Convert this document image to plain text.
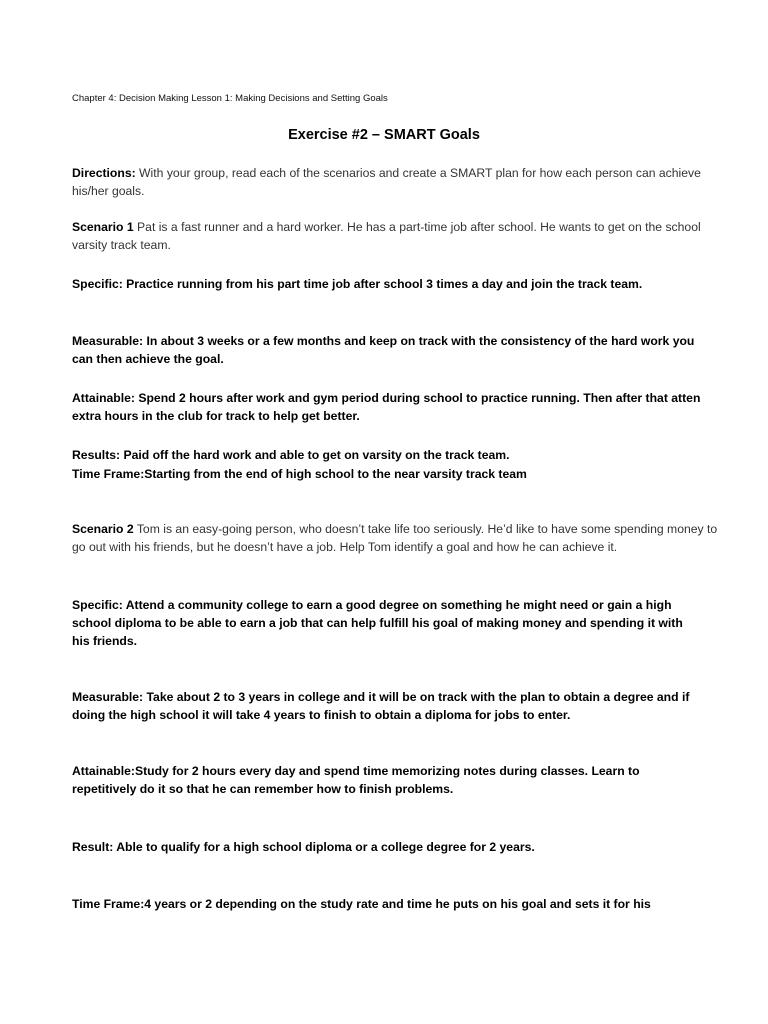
Chapter 4: Decision Making Lesson 1: Making Decisions and Setting Goals

Exercise #2 – SMART Goals

Directions: With your group, read each of the scenarios and create a SMART plan for how each person can achieve his/her goals.

Scenario 1 Pat is a fast runner and a hard worker. He has a part-time job after school. He wants to get on the school varsity track team.

Specific: Practice running from his part time job after school 3 times a day and join the track team.

Measurable: In about 3 weeks or a few months and keep on track with the consistency of the hard work you can then achieve the goal.

Attainable: Spend 2 hours after work and gym period during school to practice running. Then after that atten extra hours in the club for track to help get better.

Results: Paid off the hard work and able to get on varsity on the track team.

Time Frame:Starting from the end of high school to the near varsity track team

Scenario 2 Tom is an easy-going person, who doesn’t take life too seriously. He’d like to have some spending money to go out with his friends, but he doesn’t have a job. Help Tom identify a goal and how he can achieve it.

Specific: Attend a community college to earn a good degree on something he might need or gain a high school diploma to be able to earn a job that can help fulfill his goal of making money and spending it with his friends.

Measurable: Take about 2 to 3 years in college and it will be on track with the plan to obtain a degree and if doing the high school it will take 4 years to finish to obtain a diploma for jobs to enter.

Attainable:Study for 2 hours every day and spend time memorizing notes during classes. Learn to repetitively do it so that he can remember how to finish problems.

Result: Able to qualify for a high school diploma or a college degree for 2 years.

Time Frame:4 years or 2 depending on the study rate and time he puts on his goal and sets it for his
